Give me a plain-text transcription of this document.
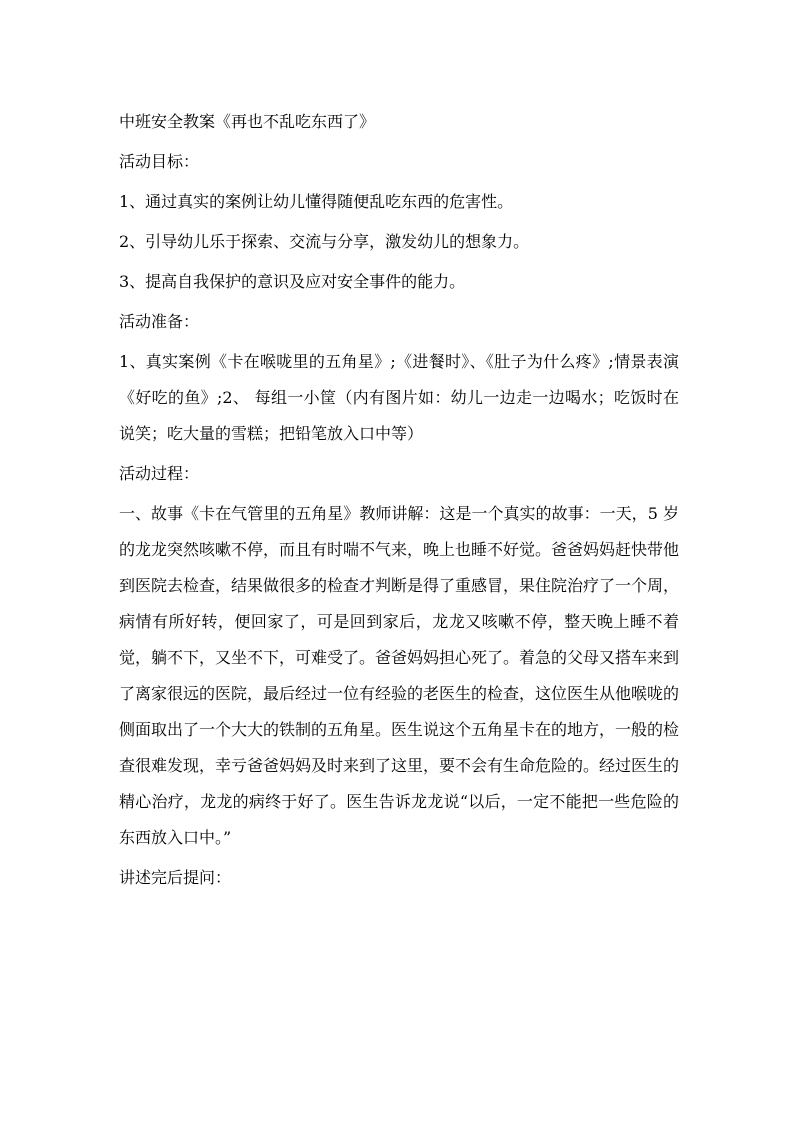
中班安全教案《再也不乱吃东西了》

活动目标：

1、通过真实的案例让幼儿懂得随便乱吃东西的危害性。

2、引导幼儿乐于探索、交流与分享，激发幼儿的想象力。

3、提高自我保护的意识及应对安全事件的能力。

活动准备：

1、真实案例《卡在喉咙里的五角星》;《进餐时》、《肚子为什么疼》;情景表演《好吃的鱼》;2、 每组一小筐（内有图片如：幼儿一边走一边喝水；吃饭时在说笑；吃大量的雪糕；把铅笔放入口中等）

活动过程：

一、故事《卡在气管里的五角星》教师讲解：这是一个真实的故事：一天，5 岁的龙龙突然咳嗽不停，而且有时喘不气来，晚上也睡不好觉。爸爸妈妈赶快带他到医院去检查，结果做很多的检查才判断是得了重感冒，果住院治疗了一个周，病情有所好转，便回家了，可是回到家后，龙龙又咳嗽不停，整天晚上睡不着觉，躺不下，又坐不下，可难受了。爸爸妈妈担心死了。着急的父母又搭车来到了离家很远的医院，最后经过一位有经验的老医生的检查，这位医生从他喉咙的侧面取出了一个大大的铁制的五角星。医生说这个五角星卡在的地方，一般的检查很难发现，幸亏爸爸妈妈及时来到了这里，要不会有生命危险的。经过医生的精心治疗，龙龙的病终于好了。医生告诉龙龙说“以后，一定不能把一些危险的东西放入口中。”

讲述完后提问：
